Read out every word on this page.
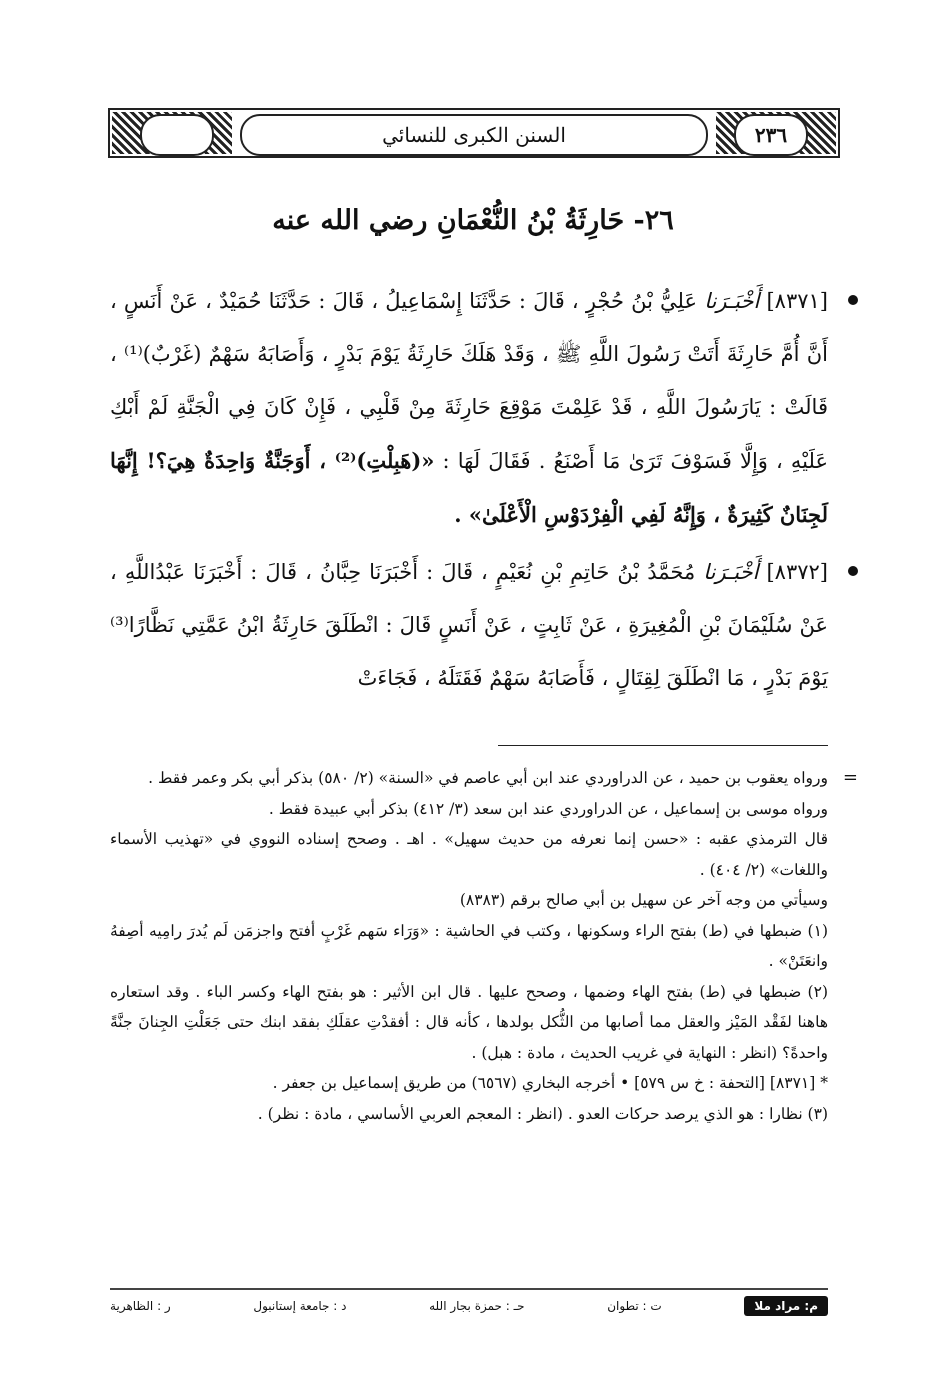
٢٣٦
السنن الكبرى للنسائي
٢٦- حَارِثَةُ بْنُ النُّعْمَانِ رضي الله عنه
[٨٣٧١] أَخْبَـرَنا عَلِيُّ بْنُ حُجْرٍ ، قَالَ : حَدَّثَنَا إِسْمَاعِيلُ ، قَالَ : حَدَّثَنَا حُمَيْدٌ ، عَنْ أَنَسٍ ، أَنَّ أُمَّ حَارِثَةَ أَتَتْ رَسُولَ اللَّهِ ﷺ ، وَقَدْ هَلَكَ حَارِثَةُ يَوْمَ بَدْرٍ ، وَأَصَابَهُ سَهْمٌ (غَرْبٌ)⁽¹⁾ ، قَالَتْ : يَارَسُولَ اللَّهِ ، قَدْ عَلِمْتَ مَوْقِعَ حَارِثَةَ مِنْ قَلْبِي ، فَإِنْ كَانَ فِي الْجَنَّةِ لَمْ أَبْكِ عَلَيْهِ ، وَإِلَّا فَسَوْفَ تَرَىٰ مَا أَصْنَعُ . فَقَالَ لَهَا : «(هَبِلْتِ)⁽²⁾ ، أَوَجَنَّةٌ وَاحِدَةٌ هِيَ؟! إِنَّهَا لَجِنَانٌ كَثِيرَةٌ ، وَإِنَّهُ لَفِي الْفِرْدَوْسِ الْأَعْلَىٰ» .
[٨٣٧٢] أَخْبَـرَنا مُحَمَّدُ بْنُ حَاتِمِ بْنِ نُعَيْمٍ ، قَالَ : أَخْبَرَنَا حِبَّانُ ، قَالَ : أَخْبَرَنَا عَبْدُاللَّهِ ، عَنْ سُلَيْمَانَ بْنِ الْمُغِيرَةِ ، عَنْ ثَابِتٍ ، عَنْ أَنَسٍ قَالَ : انْطَلَقَ حَارِثَةُ ابْنُ عَمَّتِي نَظَّارًا⁽³⁾ يَوْمَ بَدْرٍ ، مَا انْطَلَقَ لِقِتَالٍ ، فَأَصَابَهُ سَهْمٌ فَقَتَلَهُ ، فَجَاءَتْ
=

ورواه يعقوب بن حميد ، عن الدراوردي عند ابن أبي عاصم في «السنة» (٢/ ٥٨٠) بذكر أبي بكر وعمر فقط .

ورواه موسى بن إسماعيل ، عن الدراوردي عند ابن سعد (٣/ ٤١٢) بذكر أبي عبيدة فقط .

قال الترمذي عقبه : «حسن إنما نعرفه من حديث سهيل» . اهـ . وصحح إسناده النووي في «تهذيب الأسماء واللغات» (٢/ ٤٠٤) .

وسيأتي من وجه آخر عن سهيل بن أبي صالح برقم (٨٣٨٣)

(١) ضبطها في (ط) بفتح الراء وسكونها ، وكتب في الحاشية : «وَرَاء سَهم غَرْبٍ أفتح واجزمَن لَم يُدرَ رامِيه أصِفهُ وانعَتَنْ» .

(٢) ضبطها في (ط) بفتح الهاء وضمها ، وصحح عليها . قال ابن الأثير : هو بفتح الهاء وكسر الباء . وقد استعاره هاهنا لفَقْد المَيْز والعقل مما أصابها من الثُّكل بولدها ، كأنه قال : أفقدْتِ عقلَكِ بفقد ابنك حتى جَعَلْتِ الجِنانَ جنَّةً واحدةً؟ (انظر : النهاية في غريب الحديث ، مادة : هبل) .

* [٨٣٧١] [التحفة : خ س ٥٧٩] • أخرجه البخاري (٦٥٦٧) من طريق إسماعيل بن جعفر .

(٣) نظارا : هو الذي يرصد حركات العدو . (انظر : المعجم العربي الأساسي ، مادة : نظر) .

م: مراد ملا
ت : تطوان
حـ : حمزة بجار الله
د : جامعة إستانبول
ر : الظاهرية
